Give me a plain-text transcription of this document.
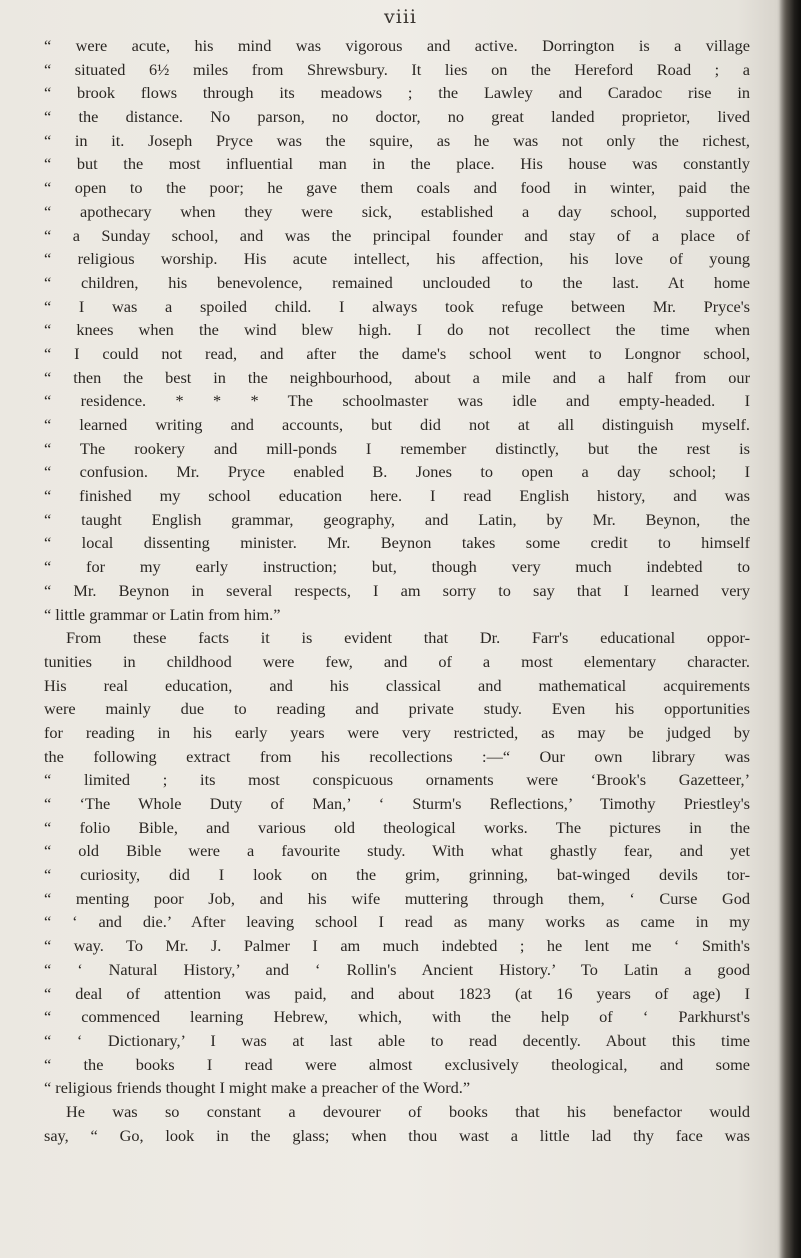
viii
“ were acute, his mind was vigorous and active. Dorrington is a village
“ situated 6½ miles from Shrewsbury. It lies on the Hereford Road ; a
“ brook flows through its meadows ; the Lawley and Caradoc rise in
“ the distance. No parson, no doctor, no great landed proprietor, lived
“ in it. Joseph Pryce was the squire, as he was not only the richest,
“ but the most influential man in the place. His house was constantly
“ open to the poor; he gave them coals and food in winter, paid the
“ apothecary when they were sick, established a day school, supported
“ a Sunday school, and was the principal founder and stay of a place of
“ religious worship. His acute intellect, his affection, his love of young
“ children, his benevolence, remained unclouded to the last. At home
“ I was a spoiled child. I always took refuge between Mr. Pryce's
“ knees when the wind blew high. I do not recollect the time when
“ I could not read, and after the dame's school went to Longnor school,
“ then the best in the neighbourhood, about a mile and a half from our
“ residence. * * * The schoolmaster was idle and empty-headed. I
“ learned writing and accounts, but did not at all distinguish myself.
“ The rookery and mill-ponds I remember distinctly, but the rest is
“ confusion. Mr. Pryce enabled B. Jones to open a day school; I
“ finished my school education here. I read English history, and was
“ taught English grammar, geography, and Latin, by Mr. Beynon, the
“ local dissenting minister. Mr. Beynon takes some credit to himself
“ for my early instruction; but, though very much indebted to
“ Mr. Beynon in several respects, I am sorry to say that I learned very
“ little grammar or Latin from him.”
From these facts it is evident that Dr. Farr's educational oppor-
tunities in childhood were few, and of a most elementary character.
His real education, and his classical and mathematical acquirements
were mainly due to reading and private study. Even his opportunities
for reading in his early years were very restricted, as may be judged by
the following extract from his recollections :—“ Our own library was
“ limited ; its most conspicuous ornaments were ‘Brook's Gazetteer,’
“ ‘The Whole Duty of Man,’ ‘ Sturm's Reflections,’ Timothy Priestley's
“ folio Bible, and various old theological works. The pictures in the
“ old Bible were a favourite study. With what ghastly fear, and yet
“ curiosity, did I look on the grim, grinning, bat-winged devils tor-
“ menting poor Job, and his wife muttering through them, ‘ Curse God
“ ‘ and die.’ After leaving school I read as many works as came in my
“ way. To Mr. J. Palmer I am much indebted ; he lent me ‘ Smith's
“ ‘ Natural History,’ and ‘ Rollin's Ancient History.’ To Latin a good
“ deal of attention was paid, and about 1823 (at 16 years of age) I
“ commenced learning Hebrew, which, with the help of ‘ Parkhurst's
“ ‘ Dictionary,’ I was at last able to read decently. About this time
“ the books I read were almost exclusively theological, and some
“ religious friends thought I might make a preacher of the Word.”
He was so constant a devourer of books that his benefactor would
say, “ Go, look in the glass; when thou wast a little lad thy face was
